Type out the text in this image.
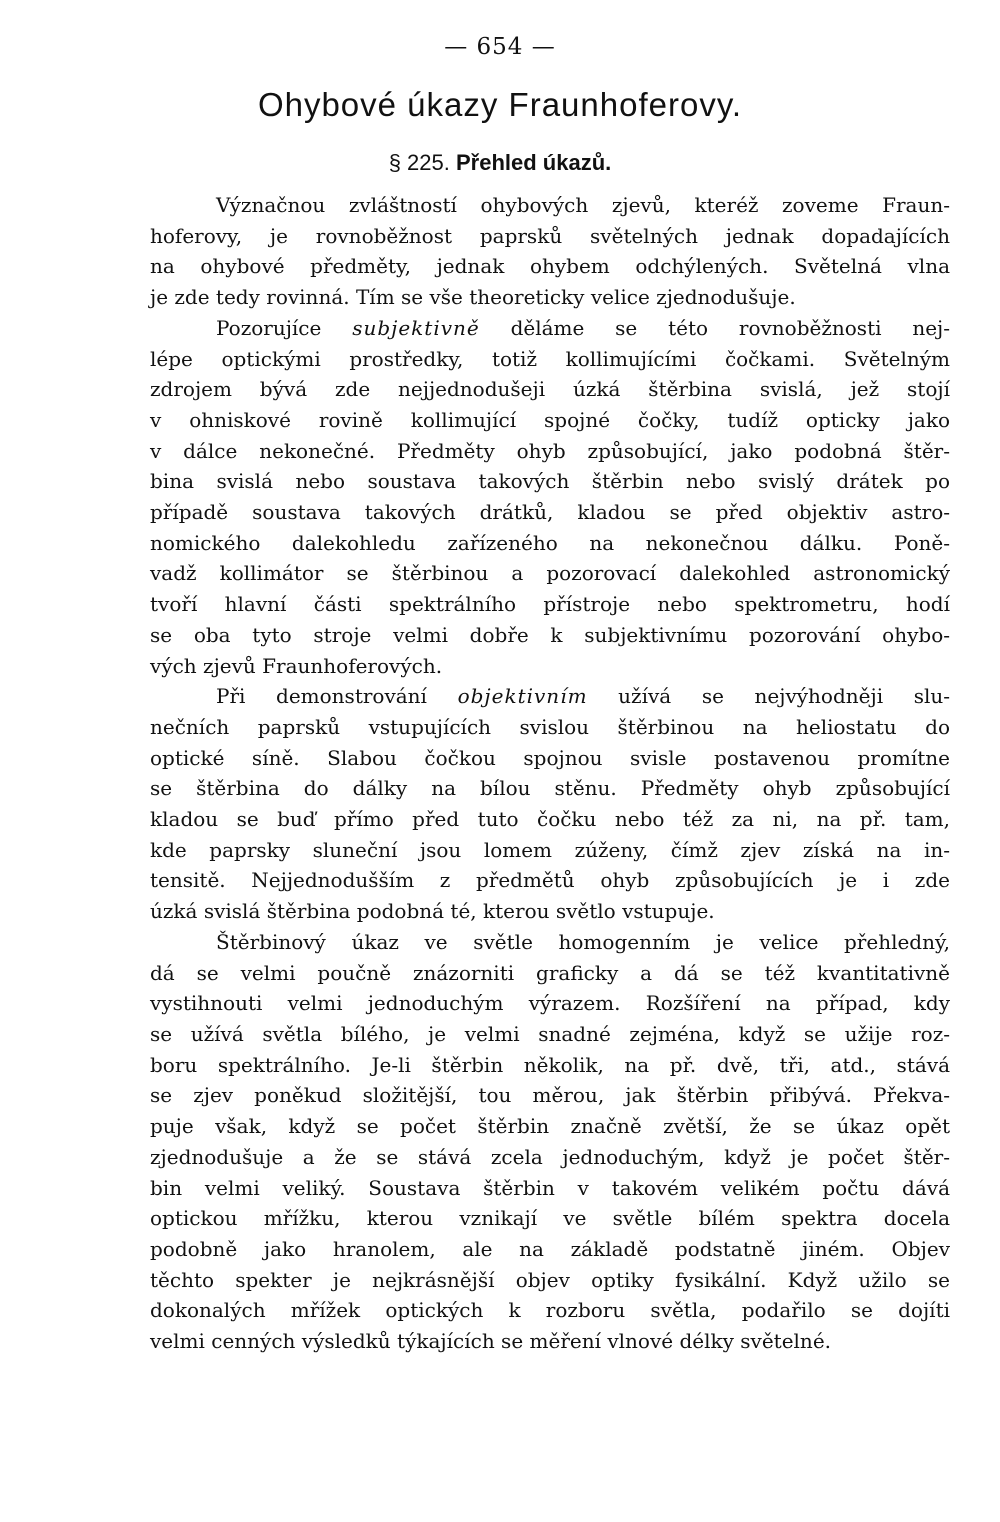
— 654 —
Ohybové úkazy Fraunhoferovy.
§ 225. Přehled úkazů.

Význačnou zvláštností ohybových zjevů, kteréž zoveme Fraun-
hoferovy, je rovnoběžnost paprsků světelných jednak dopadajících
na ohybové předměty, jednak ohybem odchýlených. Světelná vlna
je zde tedy rovinná. Tím se vše theoreticky velice zjednodušuje.

Pozorujíce subjektivně děláme se této rovnoběžnosti nej-
lépe optickými prostředky, totiž kollimujícími čočkami. Světelným
zdrojem bývá zde nejjednodušeji úzká štěrbina svislá, jež stojí
v ohniskové rovině kollimující spojné čočky, tudíž opticky jako
v dálce nekonečné. Předměty ohyb způsobující, jako podobná štěr-
bina svislá nebo soustava takových štěrbin nebo svislý drátek po
případě soustava takových drátků, kladou se před objektiv astro-
nomického dalekohledu zařízeného na nekonečnou dálku. Poně-
vadž kollimátor se štěrbinou a pozorovací dalekohled astronomický
tvoří hlavní části spektrálního přístroje nebo spektrometru, hodí
se oba tyto stroje velmi dobře k subjektivnímu pozorování ohybo-
vých zjevů Fraunhoferových.

Při demonstrování objektivním užívá se nejvýhodněji slu-
nečních paprsků vstupujících svislou štěrbinou na heliostatu do
optické síně. Slabou čočkou spojnou svisle postavenou promítne
se štěrbina do dálky na bílou stěnu. Předměty ohyb způsobující
kladou se buď přímo před tuto čočku nebo též za ni, na př. tam,
kde paprsky sluneční jsou lomem zúženy, čímž zjev získá na in-
tensitě. Nejjednodušším z předmětů ohyb způsobujících je i zde
úzká svislá štěrbina podobná té, kterou světlo vstupuje.

Štěrbinový úkaz ve světle homogenním je velice přehledný,
dá se velmi poučně znázorniti graficky a dá se též kvantitativně
vystihnouti velmi jednoduchým výrazem. Rozšíření na případ, kdy
se užívá světla bílého, je velmi snadné zejména, když se užije roz-
boru spektrálního. Je-li štěrbin několik, na př. dvě, tři, atd., stává
se zjev poněkud složitější, tou měrou, jak štěrbin přibývá. Překva-
puje však, když se počet štěrbin značně zvětší, že se úkaz opět
zjednodušuje a že se stává zcela jednoduchým, když je počet štěr-
bin velmi veliký. Soustava štěrbin v takovém velikém počtu dává
optickou mřížku, kterou vznikají ve světle bílém spektra docela
podobně jako hranolem, ale na základě podstatně jiném. Objev
těchto spekter je nejkrásnější objev optiky fysikální. Když užilo se
dokonalých mřížek optických k rozboru světla, podařilo se dojíti
velmi cenných výsledků týkajících se měření vlnové délky světelné.
